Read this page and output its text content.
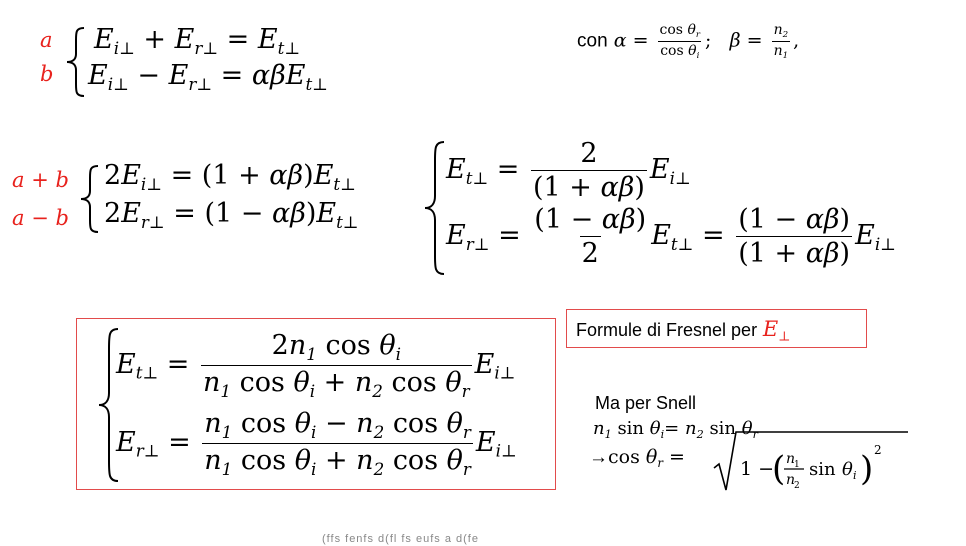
a
b
$E_{i\perp} + E_{r\perp} = E_{t\perp}$
$E_{i\perp} - E_{r\perp} = \alpha\beta E_{t\perp}$
con $\alpha = \frac{\cos \theta_r}{\cos \theta_i}$ ;   $\beta = \frac{n_2}{n_1}$ ,
a + b
a − b
$2E_{i\perp} = (1 + \alpha\beta)E_{t\perp}$
$2E_{r\perp} = (1 - \alpha\beta)E_{t\perp}$
$E_{t\perp} = \frac{2}{(1 + \alpha\beta)} E_{i\perp}$
$E_{r\perp} = \frac{(1 - \alpha\beta)}{2} E_{t\perp} = \frac{(1 - \alpha\beta)}{(1 + \alpha\beta)} E_{i\perp}$
$E_{t\perp} = \frac{2n_1 \cos \theta_i}{n_1 \cos \theta_i + n_2 \cos \theta_r} E_{i\perp}$
$E_{r\perp} = \frac{n_1 \cos \theta_i - n_2 \cos \theta_r}{n_1 \cos \theta_i + n_2 \cos \theta_r} E_{i\perp}$
Formule di Fresnel per $E_\perp$
Ma per Snell
$n_1$ $\sin \theta_i= n_2$ $\sin \theta_r$
→cos $\theta_r$ =
1 −
( n
1
n
2
sin θ i ) 2
(ffs fenfs d(fl fs eufs a d(fe
